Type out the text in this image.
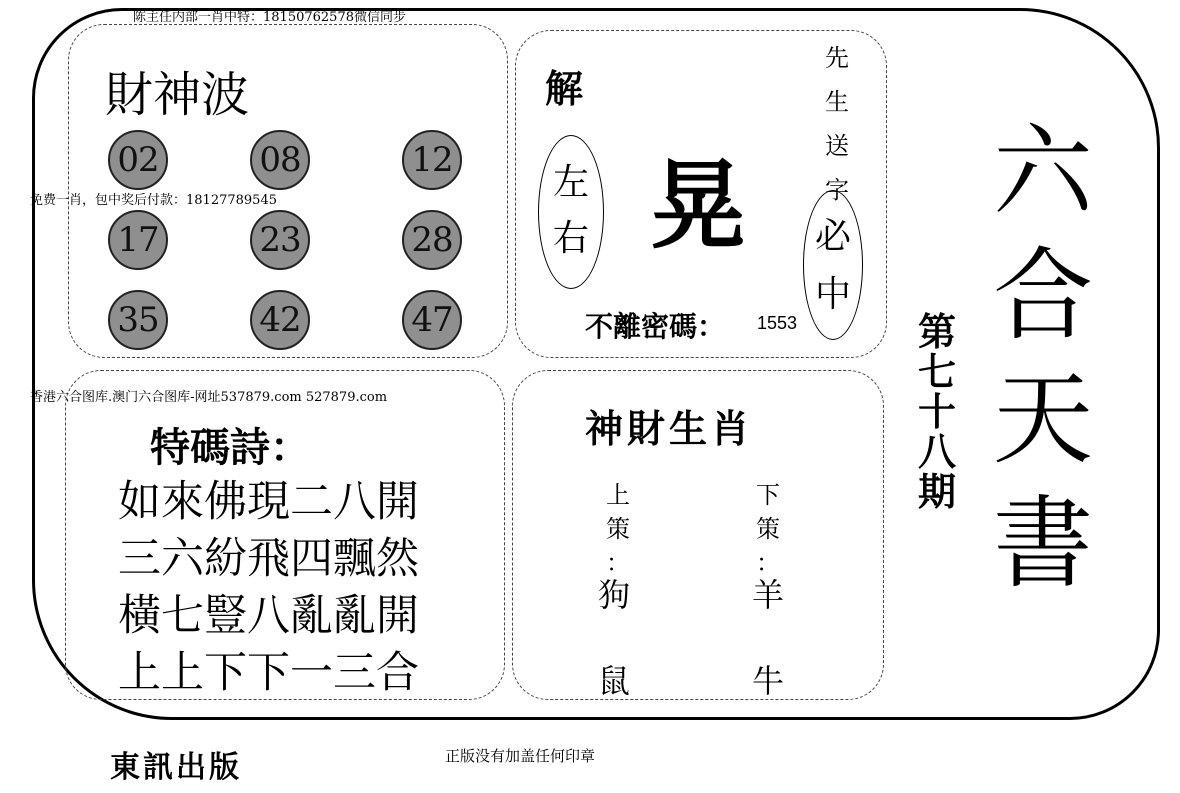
陈主任内部一肖中特：18150762578微信同步
財神波
02	08	12
17	23	28
35	42	47
免费一肖，包中奖后付款：18127789545
解
左
右 晃
先
生
送
字
必
中
不離密碼： 1553
香港六合图库.澳门六合图库-网址537879.com 527879.com
特碼詩：
如來佛現二八開
三六紛飛四飄然
橫七豎八亂亂開
上上下下一三合
神財生肖
上
策
：
狗
鼠
下
策
：
羊
牛
第
七
十
八
期
六
合
天
書
東訊出版	正版没有加盖任何印章
